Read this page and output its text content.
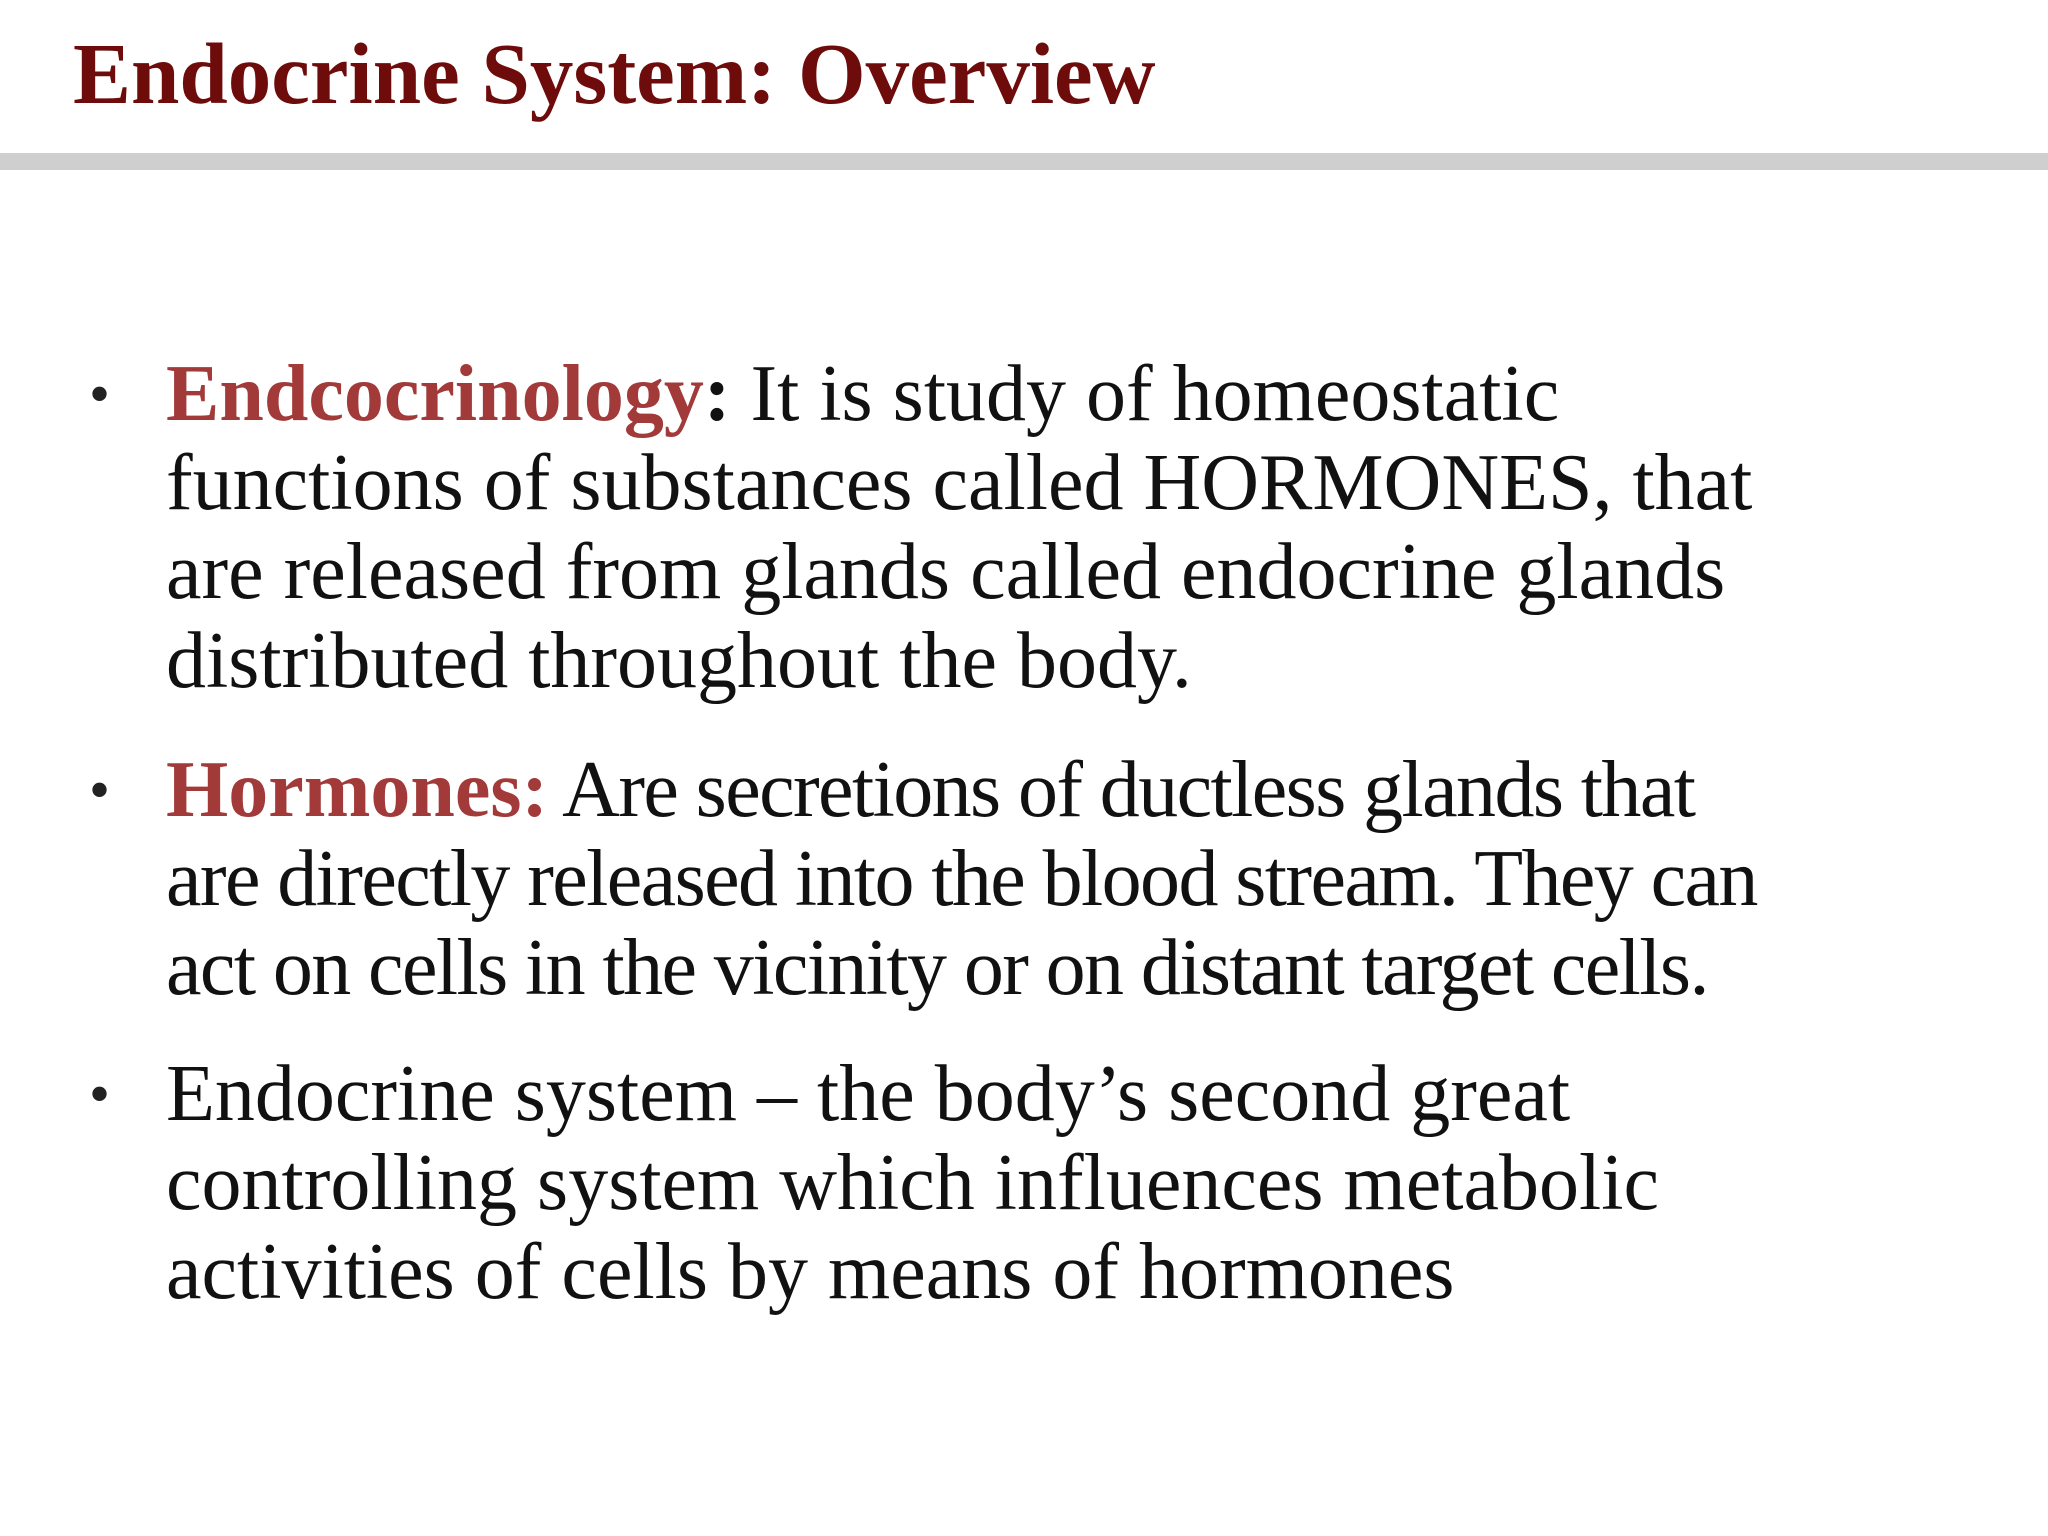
Endocrine System: Overview
• Endcocrinology: It is study of homeostatic
functions of substances called HORMONES, that
are released from glands called endocrine glands
distributed throughout the body.
• Hormones: Are secretions of ductless glands that
are directly released into the blood stream. They can
act on cells in the vicinity or on distant target cells.
• Endocrine system – the body’s second great
controlling system which influences metabolic
activities of cells by means of hormones
